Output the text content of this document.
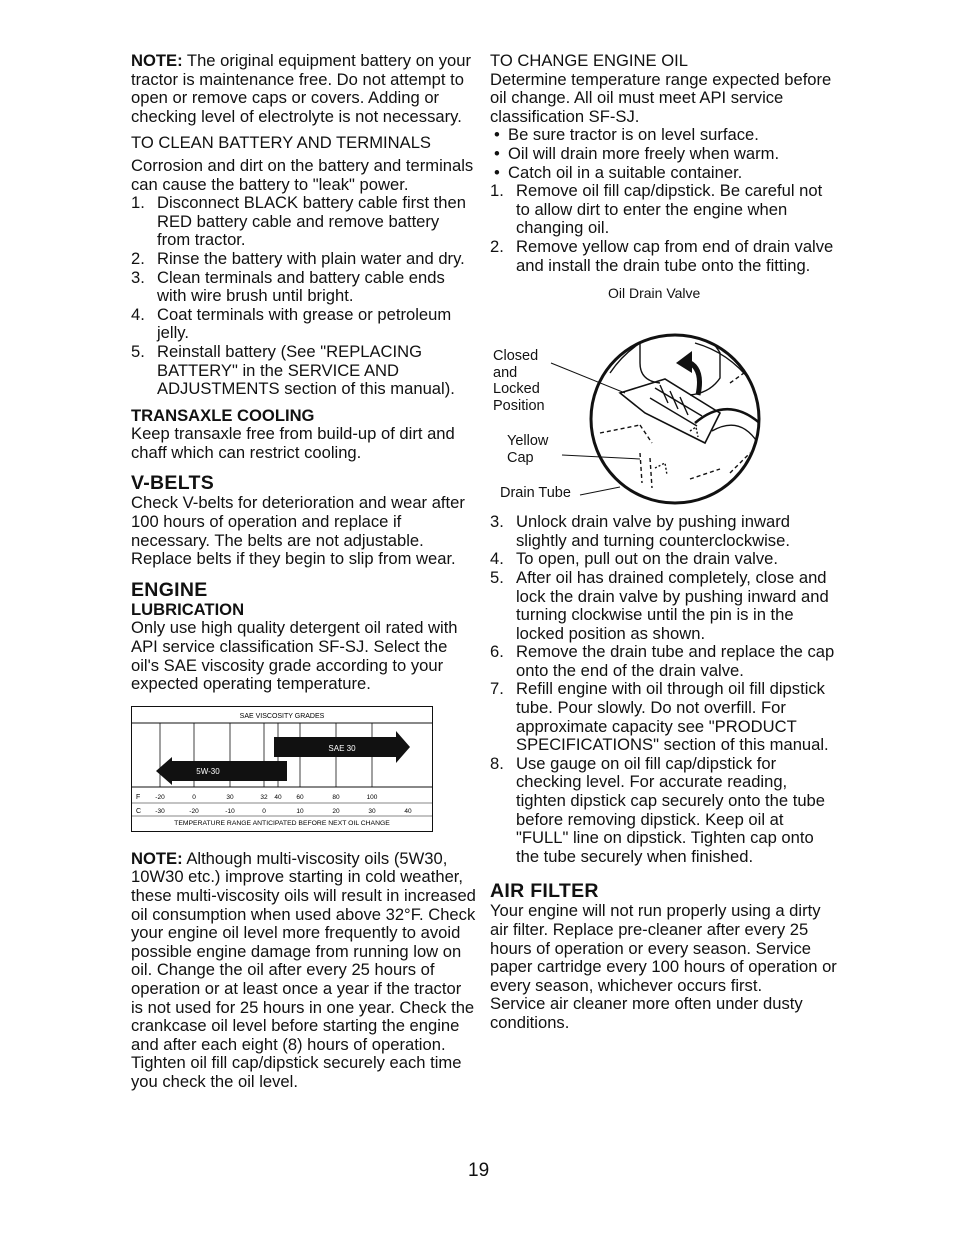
NOTE: The original equipment battery on your tractor is maintenance free. Do not attempt to open or remove caps or covers. Adding or checking level of electrolyte is not necessary.

TO CLEAN BATTERY AND TERMINALS

Corrosion and dirt on the battery and terminals can cause the battery to "leak" power.

1. Disconnect BLACK battery cable first then RED battery cable and remove battery from tractor.
2. Rinse the battery with plain water and dry.
3. Clean terminals and battery cable ends with wire brush until bright.
4. Coat terminals with grease or petroleum jelly.
5. Reinstall battery (See "REPLACING BATTERY" in the SERVICE AND ADJUSTMENTS section of this manual).

TRANSAXLE COOLING

Keep transaxle free from build-up of dirt and chaff which can restrict cooling.

V-BELTS

Check V-belts for deterioration and wear after 100 hours of operation and replace if necessary. The belts are not adjustable. Replace belts if they begin to slip from wear.

ENGINE

LUBRICATION

Only use high quality detergent oil rated with API service classification SF-SJ. Select the oil's SAE viscosity grade according to your expected operating temperature.

SAE VISCOSITY GRADES
SAE 30
5W-30
F -20	0	30	32 40 60	80	100
C -30	-20	-10	0	10	20	30	40
TEMPERATURE RANGE ANTICIPATED BEFORE NEXT OIL CHANGE

NOTE: Although multi-viscosity oils (5W30, 10W30 etc.) improve starting in cold weather, these multi-viscosity oils will result in increased oil consumption when used above 32°F. Check your engine oil level more frequently to avoid possible engine damage from running low on oil. Change the oil after every 25 hours of operation or at least once a year if the tractor is not used for 25 hours in one year. Check the crankcase oil level before starting the engine and after each eight (8) hours of operation. Tighten oil fill cap/dipstick securely each time you check the oil level.

TO CHANGE ENGINE OIL

Determine temperature range expected before oil change. All oil must meet API service classification SF-SJ.

• Be sure tractor is on level surface.
• Oil will drain more freely when warm.
• Catch oil in a suitable container.
1. Remove oil fill cap/dipstick. Be careful not to allow dirt to enter the engine when changing oil.
2. Remove yellow cap from end of drain valve and install the drain tube onto the fitting.
Oil Drain Valve
Closed
and
Locked
Position
Yellow
Cap
Drain Tube
3. Unlock drain valve by pushing inward slightly and turning counterclockwise.
4. To open, pull out on the drain valve.
5. After oil has drained completely, close and lock the drain valve by pushing inward and turning clockwise until the pin is in the locked position as shown.
6. Remove the drain tube and replace the cap onto the end of the drain valve.
7. Refill engine with oil through oil fill dipstick tube. Pour slowly. Do not overfill. For approximate capacity see "PRODUCT SPECIFICATIONS" section of this manual.
8. Use gauge on oil fill cap/dipstick for checking level. For accurate reading, tighten dipstick cap securely onto the tube before removing dipstick. Keep oil at "FULL" line on dipstick. Tighten cap onto the tube securely when finished.

AIR FILTER

Your engine will not run properly using a dirty air filter. Replace pre-cleaner after every 25 hours of operation or every season. Service paper cartridge every 100 hours of operation or every season, whichever occurs first.

Service air cleaner more often under dusty conditions.

19
